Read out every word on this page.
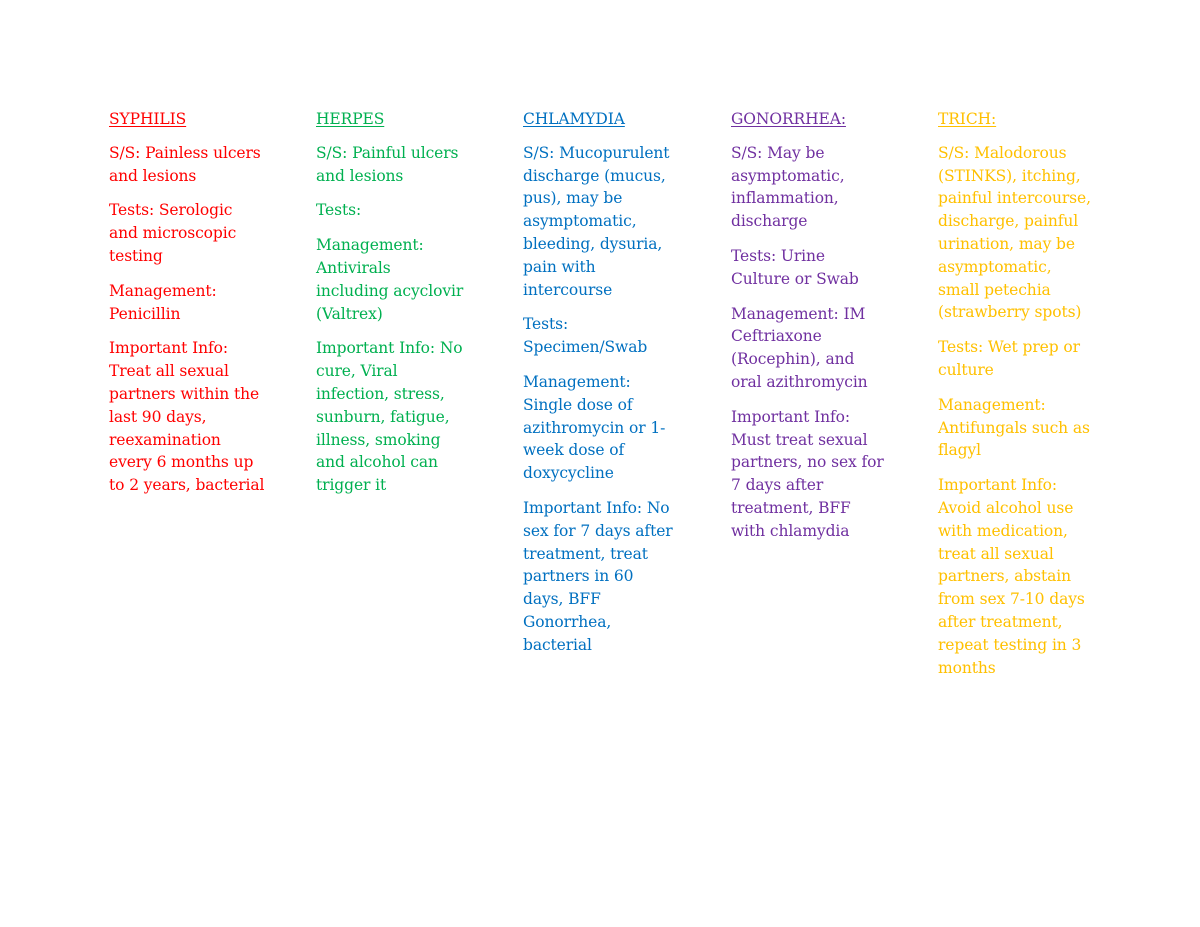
SYPHILIS
S/S: Painless ulcers
and lesions
Tests: Serologic
and microscopic
testing
Management:
Penicillin
Important Info:
Treat all sexual
partners within the
last 90 days,
reexamination
every 6 months up
to 2 years, bacterial
HERPES
S/S: Painful ulcers
and lesions
Tests:
Management:
Antivirals
including acyclovir
(Valtrex)
Important Info: No
cure, Viral
infection, stress,
sunburn, fatigue,
illness, smoking
and alcohol can
trigger it
CHLAMYDIA
S/S: Mucopurulent
discharge (mucus,
pus), may be
asymptomatic,
bleeding, dysuria,
pain with
intercourse
Tests:
Specimen/Swab
Management:
Single dose of
azithromycin or 1-
week dose of
doxycycline
Important Info: No
sex for 7 days after
treatment, treat
partners in 60
days, BFF
Gonorrhea,
bacterial
GONORRHEA:
S/S: May be
asymptomatic,
inflammation,
discharge
Tests: Urine
Culture or Swab
Management: IM
Ceftriaxone
(Rocephin), and
oral azithromycin
Important Info:
Must treat sexual
partners, no sex for
7 days after
treatment, BFF
with chlamydia
TRICH:
S/S: Malodorous
(STINKS), itching,
painful intercourse,
discharge, painful
urination, may be
asymptomatic,
small petechia
(strawberry spots)
Tests: Wet prep or
culture
Management:
Antifungals such as
flagyl
Important Info:
Avoid alcohol use
with medication,
treat all sexual
partners, abstain
from sex 7-10 days
after treatment,
repeat testing in 3
months
